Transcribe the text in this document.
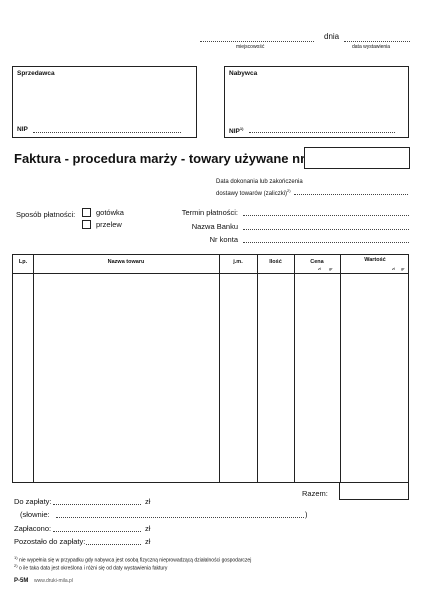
miejscowość
dnia
data wystawienia
Sprzedawca
NIP
Nabywca
NIP$^{1)}$
Faktura - procedura marży - towary używane nr
Data dokonania lub zakończenia
dostawy towarów (zaliczki)$^{2)}$
Sposób płatności:	gotówka
przelew
Termin płatności:
Nazwa Banku
Nr konta
Lp.	Nazwa towaru	j.m.	Ilość	Cena	Wartość
zł gr	zł gr
Razem:
Do zapłaty:	zł
(słownie:	)
Zapłacono:	zł
Pozostało do zapłaty:	zł
$^{1)}$ nie wypełnia się w przypadku gdy nabywca jest osobą fizyczną nieprowadzącą działalności gospodarczej
$^{2)}$ o ile taka data jest określona i różni się od daty wystawienia faktury
P-5M www.druki-mila.pl
